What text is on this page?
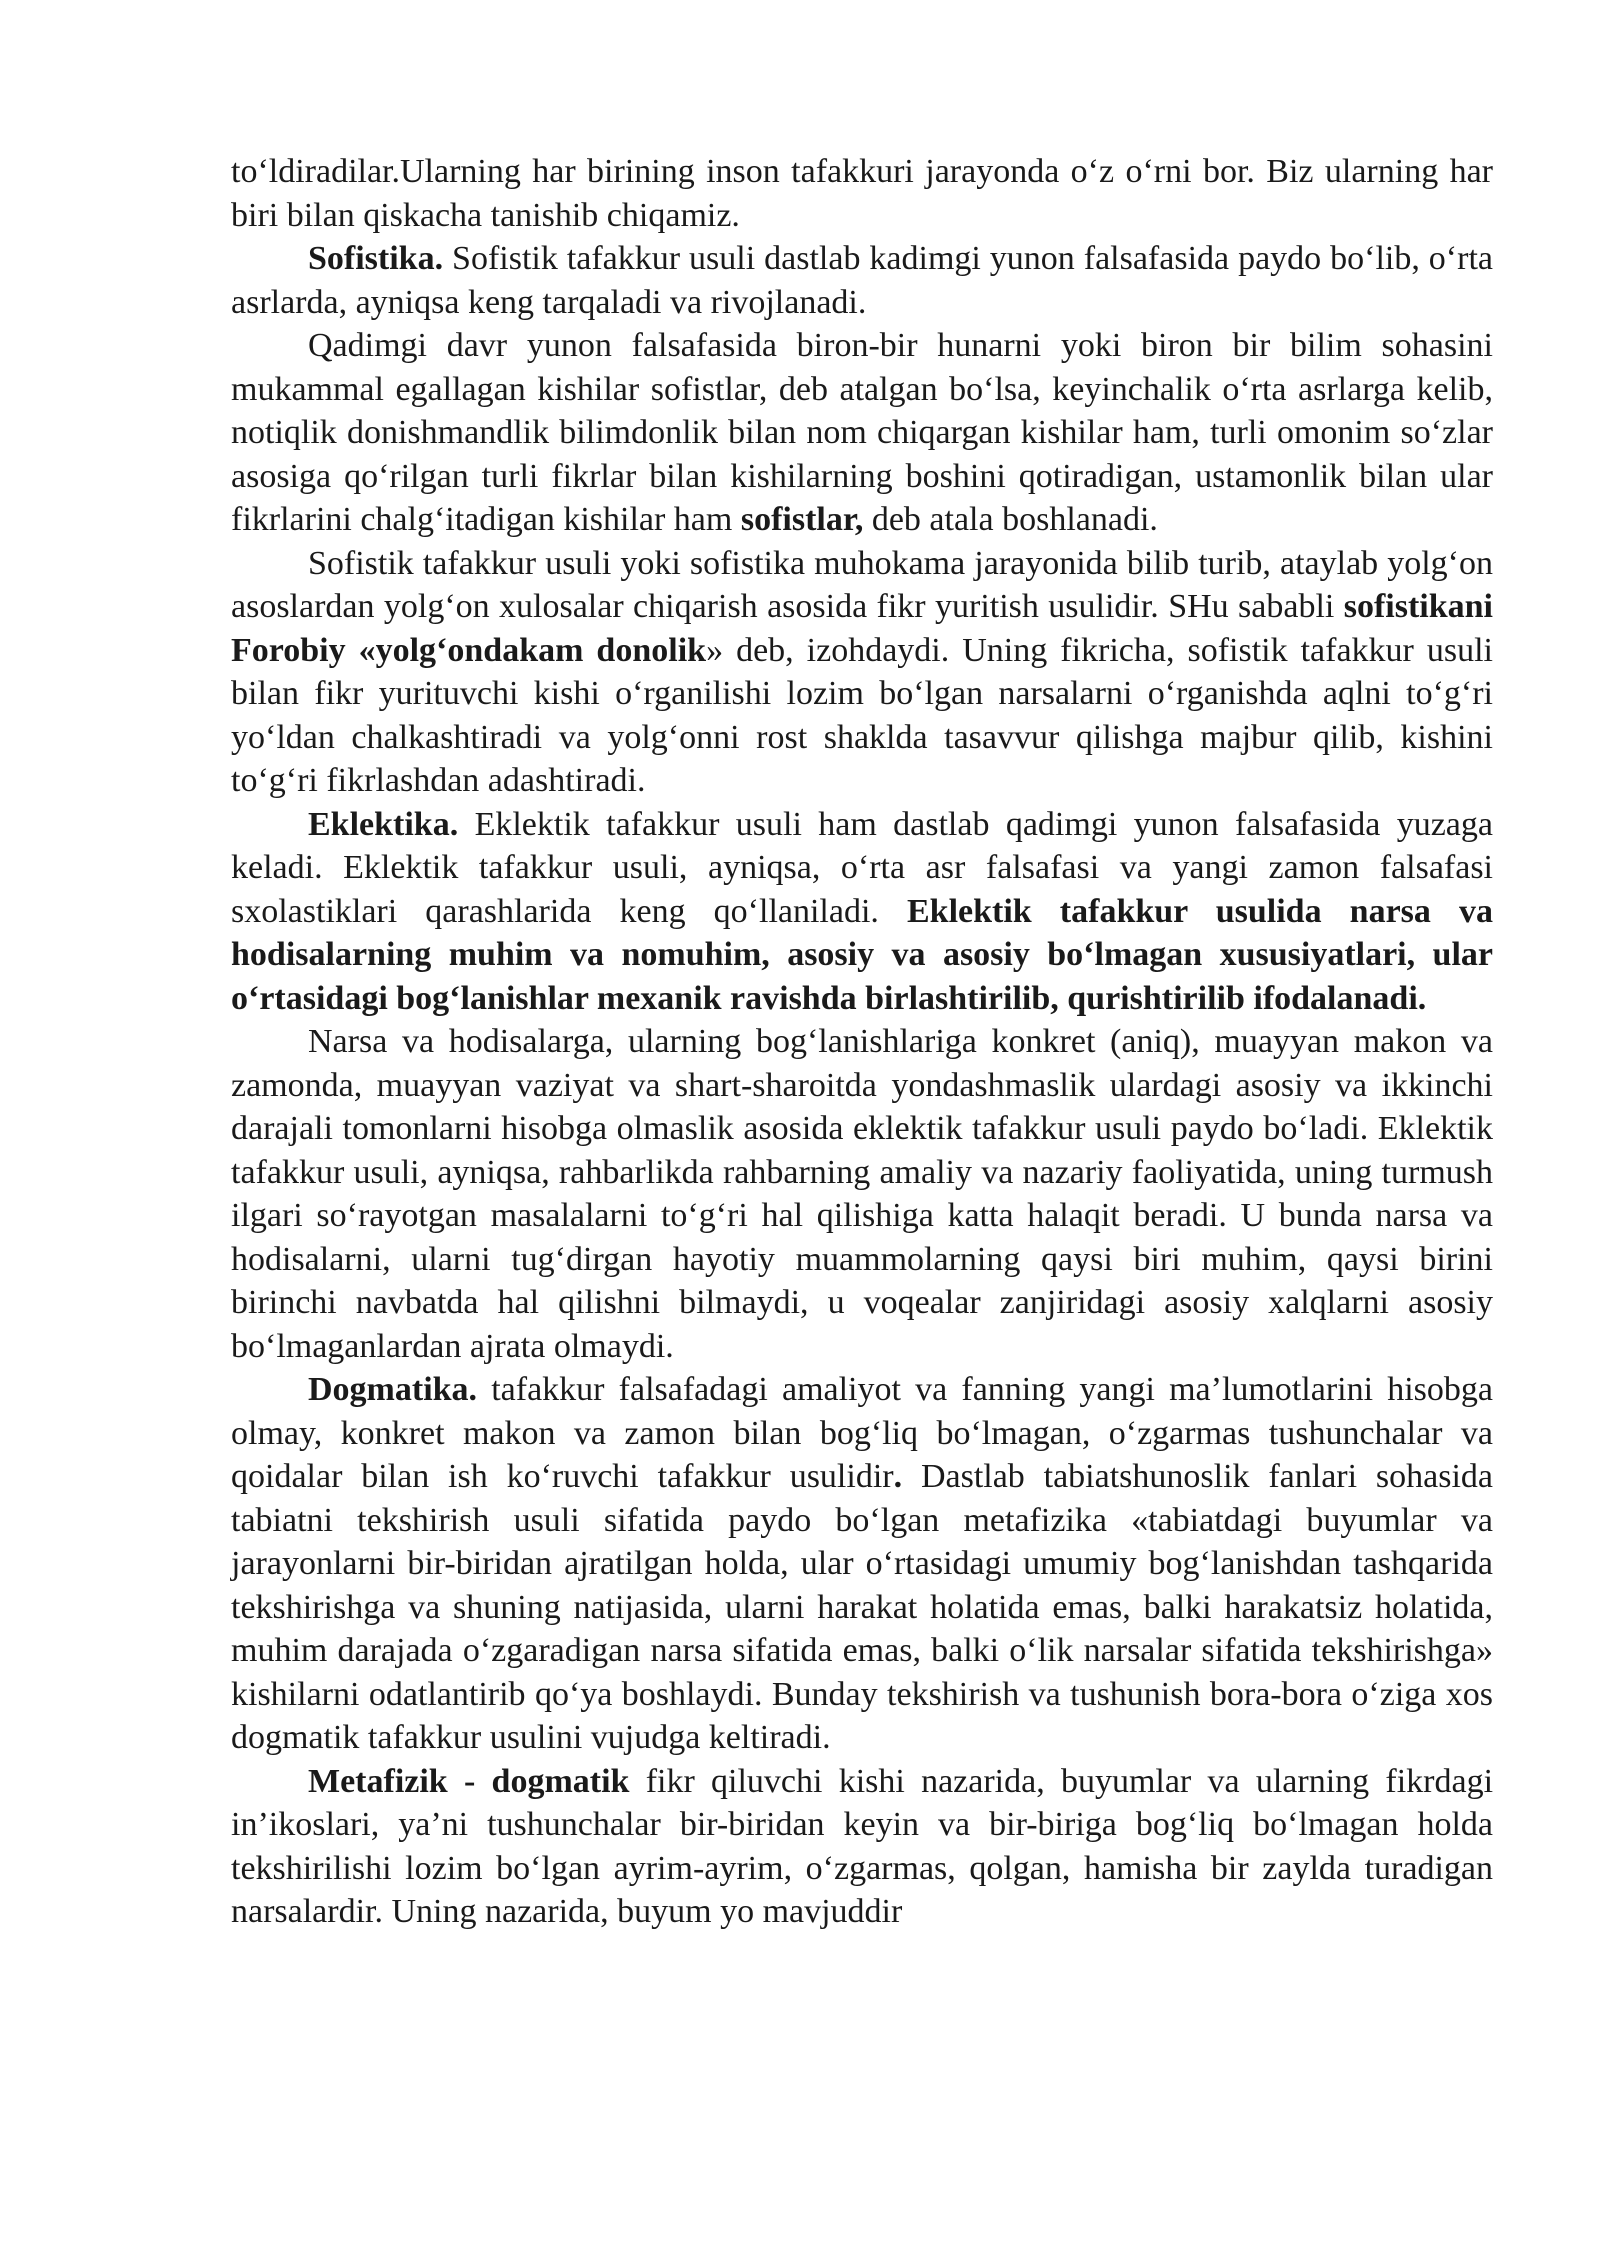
to‘ldiradilar.Ularning har birining inson tafakkuri jarayonda o‘z o‘rni bor. Biz ularning har biri bilan qiskacha tanishib chiqamiz.

Sofistika. Sofistik tafakkur usuli dastlab kadimgi yunon falsafasida paydo bo‘lib, o‘rta asrlarda, ayniqsa keng tarqaladi va rivojlanadi.

Qadimgi davr yunon falsafasida biron-bir hunarni yoki biron bir bilim sohasini mukammal egallagan kishilar sofistlar, deb atalgan bo‘lsa, keyinchalik o‘rta asrlarga kelib, notiqlik donishmandlik bilimdonlik bilan nom chiqargan kishilar ham, turli omonim so‘zlar asosiga qo‘rilgan turli fikrlar bilan kishilarning boshini qotiradigan, ustamonlik bilan ular fikrlarini chalg‘itadigan kishilar ham sofistlar, deb atala boshlanadi.

Sofistik tafakkur usuli yoki sofistika muhokama jarayonida bilib turib, ataylab yolg‘on asoslardan yolg‘on xulosalar chiqarish asosida fikr yuritish usulidir. SHu sababli sofistikani Forobiy «yolg‘ondakam donolik» deb, izohdaydi. Uning fikricha, sofistik tafakkur usuli bilan fikr yurituvchi kishi o‘rganilishi lozim bo‘lgan narsalarni o‘rganishda aqlni to‘g‘ri yo‘ldan chalkashtiradi va yolg‘onni rost shaklda tasavvur qilishga majbur qilib, kishini to‘g‘ri fikrlashdan adashtiradi.

Eklektika. Eklektik tafakkur usuli ham dastlab qadimgi yunon falsafasida yuzaga keladi. Eklektik tafakkur usuli, ayniqsa, o‘rta asr falsafasi va yangi zamon falsafasi sxolastiklari qarashlarida keng qo‘llaniladi. Eklektik tafakkur usulida narsa va hodisalarning muhim va nomuhim, asosiy va asosiy bo‘lmagan xususiyatlari, ular o‘rtasidagi bog‘lanishlar mexanik ravishda birlashtirilib, qurishtirilib ifodalanadi.

Narsa va hodisalarga, ularning bog‘lanishlariga konkret (aniq), muayyan makon va zamonda, muayyan vaziyat va shart-sharoitda yondashmaslik ulardagi asosiy va ikkinchi darajali tomonlarni hisobga olmaslik asosida eklektik tafakkur usuli paydo bo‘ladi. Eklektik tafakkur usuli, ayniqsa, rahbarlikda rahbarning amaliy va nazariy faoliyatida, uning turmush ilgari so‘rayotgan masalalarni to‘g‘ri hal qilishiga katta halaqit beradi. U bunda narsa va hodisalarni, ularni tug‘dirgan hayotiy muammolarning qaysi biri muhim, qaysi birini birinchi navbatda hal qilishni bilmaydi, u voqealar zanjiridagi asosiy xalqlarni asosiy bo‘lmaganlardan ajrata olmaydi.

Dogmatika. tafakkur falsafadagi amaliyot va fanning yangi ma’lumotlarini hisobga olmay, konkret makon va zamon bilan bog‘liq bo‘lmagan, o‘zgarmas tushunchalar va qoidalar bilan ish ko‘ruvchi tafakkur usulidir. Dastlab tabiatshunoslik fanlari sohasida tabiatni tekshirish usuli sifatida paydo bo‘lgan metafizika «tabiatdagi buyumlar va jarayonlarni bir-biridan ajratilgan holda, ular o‘rtasidagi umumiy bog‘lanishdan tashqarida tekshirishga va shuning natijasida, ularni harakat holatida emas, balki harakatsiz holatida, muhim darajada o‘zgaradigan narsa sifatida emas, balki o‘lik narsalar sifatida tekshirishga» kishilarni odatlantirib qo‘ya boshlaydi. Bunday tekshirish va tushunish bora-bora o‘ziga xos dogmatik tafakkur usulini vujudga keltiradi.

Metafizik - dogmatik fikr qiluvchi kishi nazarida, buyumlar va ularning fikrdagi in’ikoslari, ya’ni tushunchalar bir-biridan keyin va bir-biriga bog‘liq bo‘lmagan holda tekshirilishi lozim bo‘lgan ayrim-ayrim, o‘zgarmas, qolgan, hamisha bir zaylda turadigan narsalardir. Uning nazarida, buyum yo mavjuddir
